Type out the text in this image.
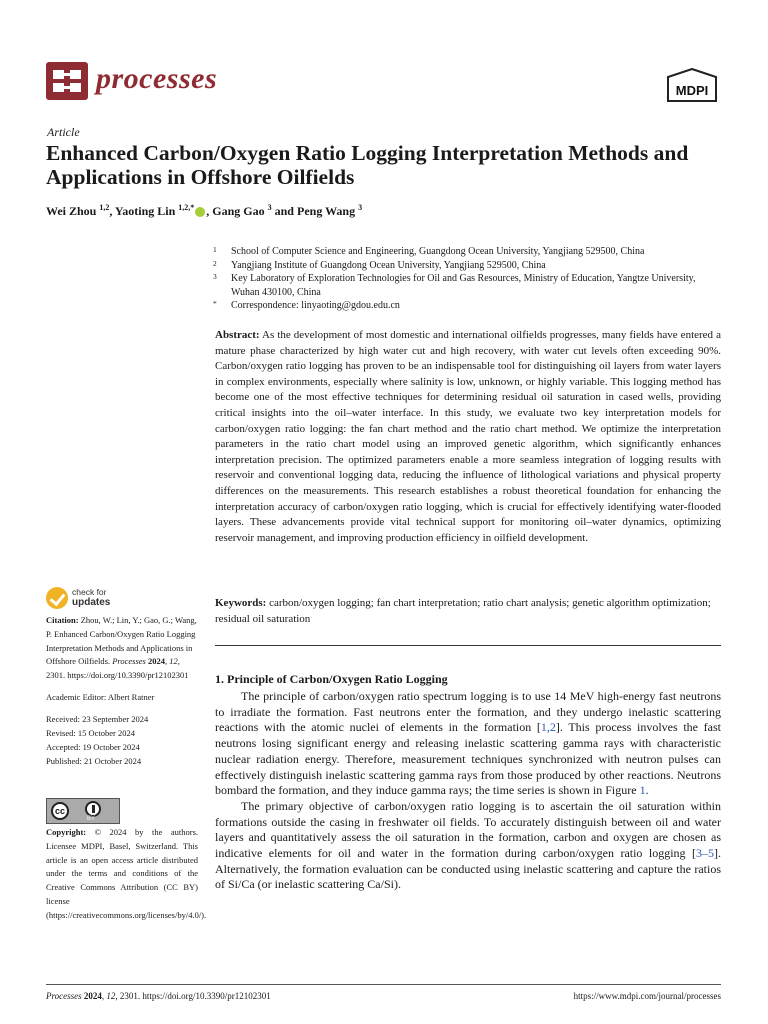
processes	MDPI
Article
Enhanced Carbon/Oxygen Ratio Logging Interpretation Methods and Applications in Offshore Oilfields
Wei Zhou $^{1,2}$, Yaoting Lin $^{1,2,*}$ , Gang Gao $^3$ and Peng Wang $^3$
1 School of Computer Science and Engineering, Guangdong Ocean University, Yangjiang 529500, China
2 Yangjiang Institute of Guangdong Ocean University, Yangjiang 529500, China
3 Key Laboratory of Exploration Technologies for Oil and Gas Resources, Ministry of Education, Yangtze University, Wuhan 430100, China
* Correspondence: linyaoting@gdou.edu.cn
Abstract: As the development of most domestic and international oilfields progresses, many fields have entered a mature phase characterized by high water cut and high recovery, with water cut levels often exceeding 90%. Carbon/oxygen ratio logging has proven to be an indispensable tool for distinguishing oil layers from water layers in complex environments, especially where salinity is low, unknown, or highly variable. This logging method has become one of the most effective techniques for determining residual oil saturation in cased wells, providing critical insights into the oil–water interface. In this study, we evaluate two key interpretation models for carbon/oxygen ratio logging: the fan chart method and the ratio chart method. We optimize the interpretation parameters in the ratio chart model using an improved genetic algorithm, which significantly enhances interpretation precision. The optimized parameters enable a more seamless integration of logging results with reservoir and conventional logging data, reducing the influence of lithological variations and physical property differences on the measurements. This research establishes a robust theoretical foundation for enhancing the interpretation accuracy of carbon/oxygen ratio logging, which is crucial for effectively identifying water-flooded layers. These advancements provide vital technical support for monitoring oil–water dynamics, optimizing reservoir management, and improving production efficiency in oilfield development.
Keywords: carbon/oxygen logging; fan chart interpretation; ratio chart analysis; genetic algorithm optimization; residual oil saturation
check for
updates

Citation: Zhou, W.; Lin, Y.; Gao, G.; Wang, P. Enhanced Carbon/Oxygen Ratio Logging Interpretation Methods and Applications in Offshore Oilfields. Processes 2024, 12, 2301. https://doi.org/10.3390/pr12102301

Academic Editor: Albert Ratner

Received: 23 September 2024
Revised: 15 October 2024
Accepted: 19 October 2024
Published: 21 October 2024
cc
BY
Copyright: © 2024 by the authors. Licensee MDPI, Basel, Switzerland. This article is an open access article distributed under the terms and conditions of the Creative Commons Attribution (CC BY) license (https://creativecommons.org/licenses/by/4.0/).
1. Principle of Carbon/Oxygen Ratio Logging

The principle of carbon/oxygen ratio spectrum logging is to use 14 MeV high-energy fast neutrons to irradiate the formation. Fast neutrons enter the formation, and they undergo inelastic scattering reactions with the atomic nuclei of elements in the formation [1,2]. This process involves the fast neutrons losing significant energy and releasing inelastic scattering gamma rays with characteristic nuclear radiation energy. Therefore, measurement techniques synchronized with neutron pulses can effectively distinguish inelastic scattering gamma rays from those produced by other reactions. Neutrons bombard the formation, and they induce gamma rays; the time series is shown in Figure 1.

The primary objective of carbon/oxygen ratio logging is to ascertain the oil saturation within formations outside the casing in freshwater oil fields. To accurately distinguish between oil and water layers and quantitatively assess the oil saturation in the formation, carbon and oxygen are chosen as indicative elements for oil and water in the formation during carbon/oxygen ratio logging [3–5]. Alternatively, the formation evaluation can be conducted using inelastic scattering and capture the ratios of Si/Ca (or inelastic scattering Ca/Si).

Processes 2024, 12, 2301. https://doi.org/10.3390/pr12102301	https://www.mdpi.com/journal/processes
